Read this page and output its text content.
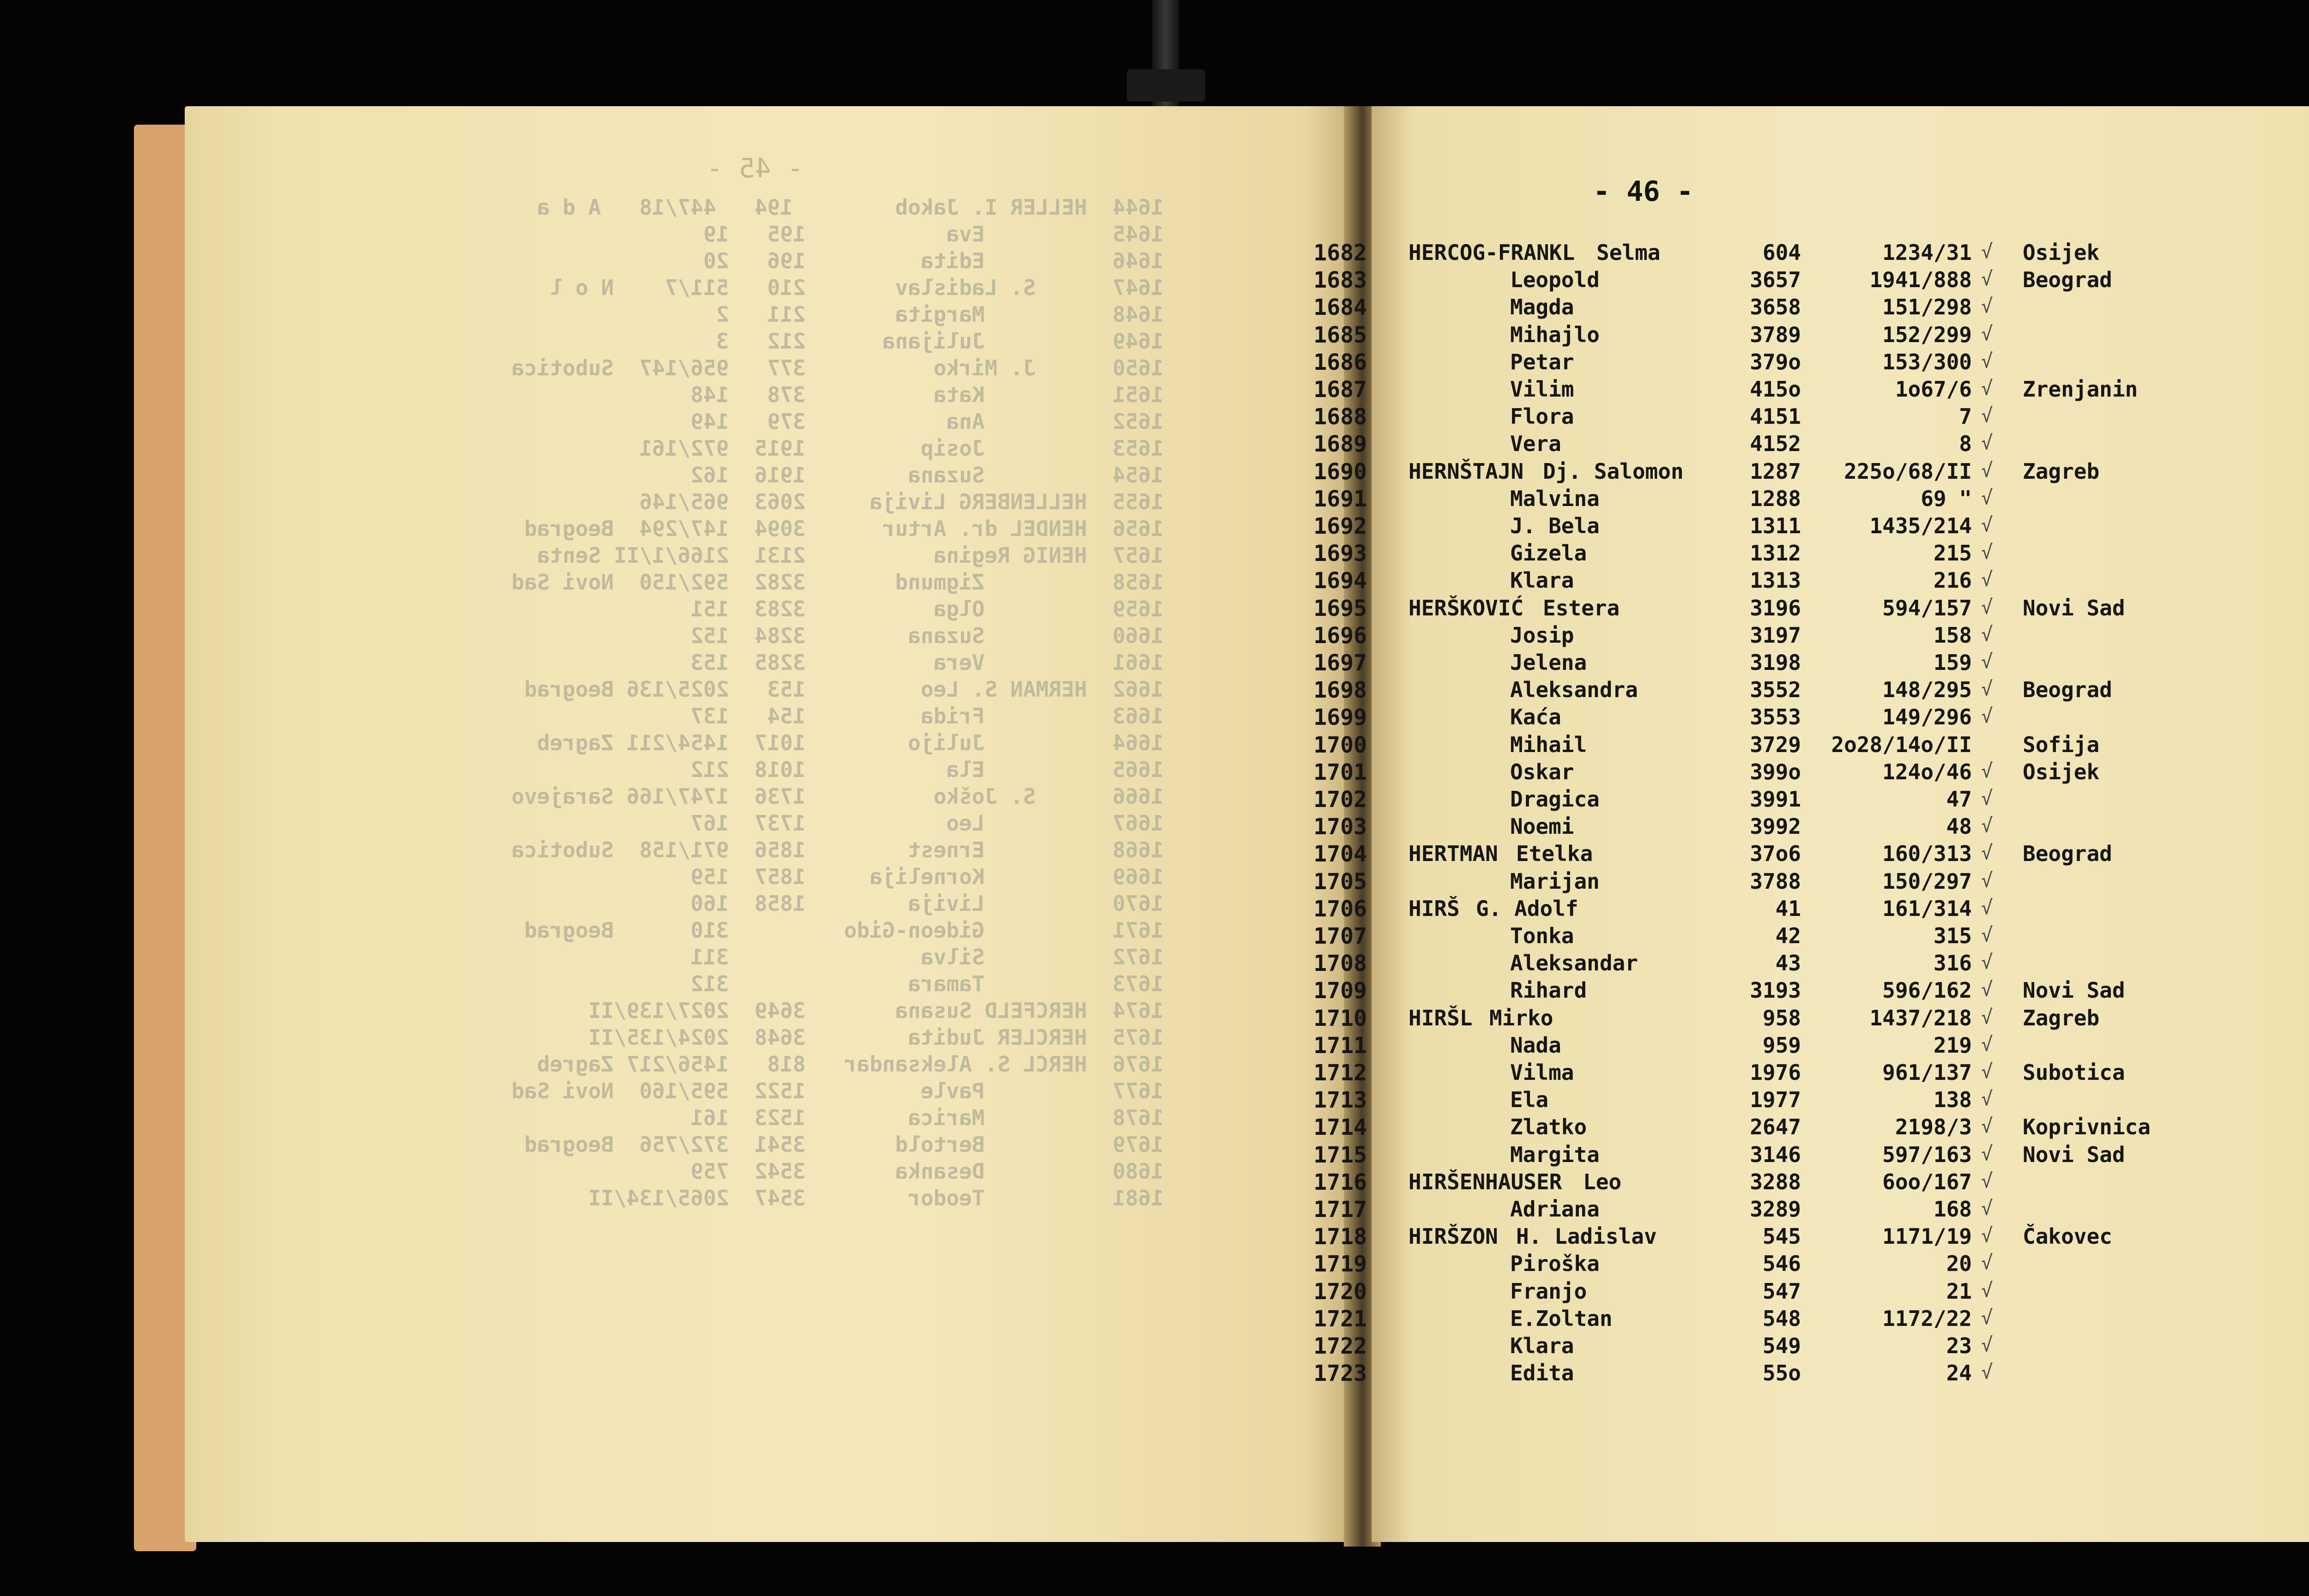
- 45 -
1644  HELLER I. Jakob        194   447/18   A d a
1645          Eva           195   19
1646          Edita         196   20
1647      S. Ladislav       210   511/7    N o l
1648          Margita       211   2
1649          Julijana      212   3
1650      J. Mirko          377   956/147  Subotica
1651          Kata          378   148
1652          Ana           379   149
1653          Josip         1915  972/161
1654          Suzana        1916  162
1655  HELLENBERG Livija     2063  965/146
1656  HENDEL dr. Artur      3094  147/294  Beograd
1657  HENIG Regina          2131  2166/1/II Senta
1658          Zigmund       3282  592/150  Novi Sad
1659          Olga          3283  151
1660          Suzana        3284  152
1661          Vera          3285  153
1662  HERMAN S. Leo         153   2025/136 Beograd
1663          Frida         154   137
1664          Julijo        1017  1454/211 Zagreb
1665          Ela           1018  212
1666      S. Joško          1736  1747/166 Sarajevo
1667          Leo           1737  167
1668          Ernest        1856  971/158  Subotica
1669          Kornelija     1857  159
1670          Livija        1858  160
1671          Gideon-Gido         310      Beograd
1672          Silva               311
1673          Tamara              312
1674  HERCFELD Susana       3649  2027/139/II
1675  HERCLER Judita        3648  2024/135/II
1676  HERCL S. Aleksandar   818   1456/217 Zagreb
1677          Pavle         1522  595/160  Novi Sad
1678          Marica        1523  161
1679          Bertold       3541  372/756  Beograd
1680          Desanka       3542  759
1681          Teodor        3547  2065/134/II
- 46 -
1682 HERCOG-FRANKL Selma	604	1234/31 √	Osijek
1683	Leopold	3657	1941/888 √	Beograd
1684	Magda	3658	151/298 √
1685	Mihajlo	3789	152/299 √
1686	Petar	379o	153/300 √
1687	Vilim	415o	1o67/6 √	Zrenjanin
1688	Flora	4151	7 √
1689	Vera	4152	8 √
1690 HERNŠTAJN Dj. Salomon	1287	225o/68/II √	Zagreb
1691	Malvina	1288	69 " √
1692	J. Bela	1311	1435/214 √
1693	Gizela	1312	215 √
1694	Klara	1313	216 √
1695 HERŠKOVIĆ Estera	3196	594/157 √	Novi Sad
1696	Josip	3197	158 √
1697	Jelena	3198	159 √
1698	Aleksandra	3552	148/295 √	Beograd
1699	Kaća	3553	149/296 √
1700	Mihail	3729	2o28/14o/II Sofija
1701	Oskar	399o	124o/46 √	Osijek
1702	Dragica	3991	47 √
1703	Noemi	3992	48 √
1704 HERTMAN Etelka	37o6	160/313 √	Beograd
1705	Marijan	3788	150/297 √
1706 HIRŠ G. Adolf	41	161/314 √
1707	Tonka	42	315 √
1708	Aleksandar	43	316 √
1709	Rihard	3193	596/162 √	Novi Sad
1710 HIRŠL Mirko	958	1437/218 √	Zagreb
1711	Nada	959	219 √
1712	Vilma	1976	961/137 √	Subotica
1713	Ela	1977	138 √
1714	Zlatko	2647	2198/3 √	Koprivnica
1715	Margita	3146	597/163 √	Novi Sad
1716 HIRŠENHAUSER Leo	3288	6oo/167 √
1717	Adriana	3289	168 √
1718 HIRŠZON H. Ladislav	545	1171/19 √	Čakovec
1719	Piroška	546	20 √
1720	Franjo	547	21 √
1721	E.Zoltan	548	1172/22 √
1722	Klara	549	23 √
1723	Edita	55o	24 √
